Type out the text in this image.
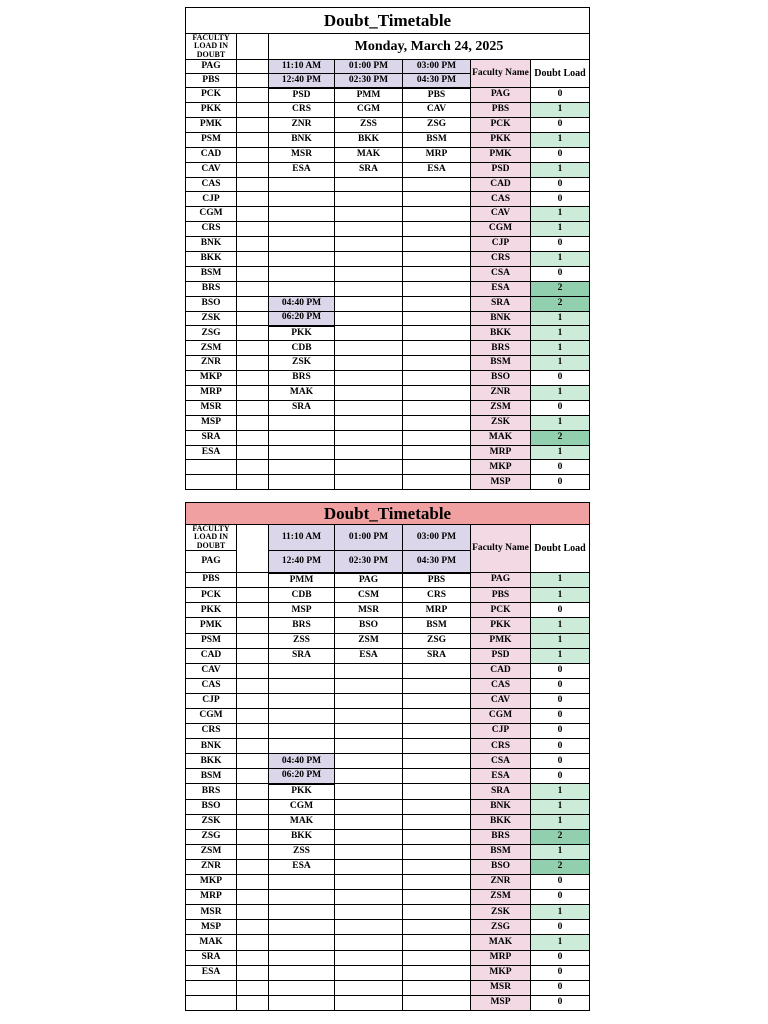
Doubt_Timetable						
FACULTY LOAD IN DOUBT		Monday, March 24, 2025				
PAG		11:10 AM	01:00 PM	03:00 PM	Faculty Name	Doubt Load
PBS		12:40 PM	02:30 PM	04:30 PM		
PCK		PSD	PMM	PBS	PAG	0
PKK		CRS	CGM	CAV	PBS	1
PMK		ZNR	ZSS	ZSG	PCK	0
PSM		BNK	BKK	BSM	PKK	1
CAD		MSR	MAK	MRP	PMK	0
CAV		ESA	SRA	ESA	PSD	1
CAS					CAD	0
CJP					CAS	0
CGM					CAV	1
CRS					CGM	1
BNK					CJP	0
BKK					CRS	1
BSM					CSA	0
BRS					ESA	2
BSO		04:40 PM			SRA	2
ZSK		06:20 PM			BNK	1
ZSG		PKK			BKK	1
ZSM		CDB			BRS	1
ZNR		ZSK			BSM	1
MKP		BRS			BSO	0
MRP		MAK			ZNR	1
MSR		SRA			ZSM	0
MSP					ZSK	1
SRA					MAK	2
ESA					MRP	1
					MKP	0
					MSP	0
Doubt_Timetable						
FACULTY LOAD IN DOUBT		11:10 AM	01:00 PM	03:00 PM	Faculty Name	Doubt Load
PAG		12:40 PM	02:30 PM	04:30 PM		
PBS		PMM	PAG	PBS	PAG	1
PCK		CDB	CSM	CRS	PBS	1
PKK		MSP	MSR	MRP	PCK	0
PMK		BRS	BSO	BSM	PKK	1
PSM		ZSS	ZSM	ZSG	PMK	1
CAD		SRA	ESA	SRA	PSD	1
CAV					CAD	0
CAS					CAS	0
CJP					CAV	0
CGM					CGM	0
CRS					CJP	0
BNK					CRS	0
BKK		04:40 PM			CSA	0
BSM		06:20 PM			ESA	0
BRS		PKK			SRA	1
BSO		CGM			BNK	1
ZSK		MAK			BKK	1
ZSG		BKK			BRS	2
ZSM		ZSS			BSM	1
ZNR		ESA			BSO	2
MKP					ZNR	0
MRP					ZSM	0
MSR					ZSK	1
MSP					ZSG	0
MAK					MAK	1
SRA					MRP	0
ESA					MKP	0
					MSR	0
					MSP	0
